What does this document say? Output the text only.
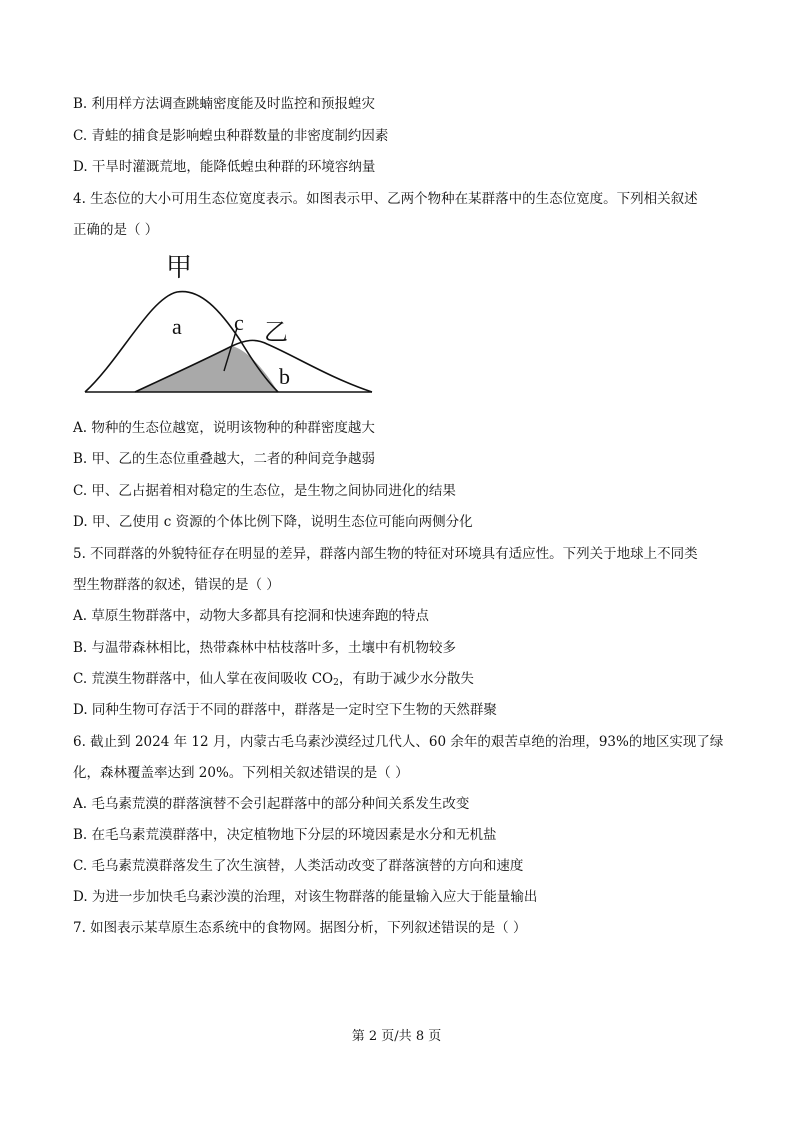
B. 利用样方法调查跳蝻密度能及时监控和预报蝗灾
C. 青蛙的捕食是影响蝗虫种群数量的非密度制约因素
D. 干旱时灌溉荒地，能降低蝗虫种群的环境容纳量
4. 生态位的大小可用生态位宽度表示。如图表示甲、乙两个物种在某群落中的生态位宽度。下列相关叙述
正确的是（ ）
甲
乙
a
b
c
A. 物种的生态位越宽，说明该物种的种群密度越大
B. 甲、乙的生态位重叠越大，二者的种间竞争越弱
C. 甲、乙占据着相对稳定的生态位，是生物之间协同进化的结果
D. 甲、乙使用 c 资源的个体比例下降，说明生态位可能向两侧分化
5. 不同群落的外貌特征存在明显的差异，群落内部生物的特征对环境具有适应性。下列关于地球上不同类
型生物群落的叙述，错误的是（ ）
A. 草原生物群落中，动物大多都具有挖洞和快速奔跑的特点
B. 与温带森林相比，热带森林中枯枝落叶多，土壤中有机物较多
C. 荒漠生物群落中，仙人掌在夜间吸收 $CO_2$，有助于减少水分散失
D. 同种生物可存活于不同的群落中，群落是一定时空下生物的天然群聚
6. 截止到 2024 年 12 月，内蒙古毛乌素沙漠经过几代人、60 余年的艰苦卓绝的治理，93%的地区实现了绿
化，森林覆盖率达到 20%。下列相关叙述错误的是（ ）
A. 毛乌素荒漠的群落演替不会引起群落中的部分种间关系发生改变
B. 在毛乌素荒漠群落中，决定植物地下分层的环境因素是水分和无机盐
C. 毛乌素荒漠群落发生了次生演替，人类活动改变了群落演替的方向和速度
D. 为进一步加快毛乌素沙漠的治理，对该生物群落的能量输入应大于能量输出
7. 如图表示某草原生态系统中的食物网。据图分析，下列叙述错误的是（ ）
第 2 页/共 8 页
